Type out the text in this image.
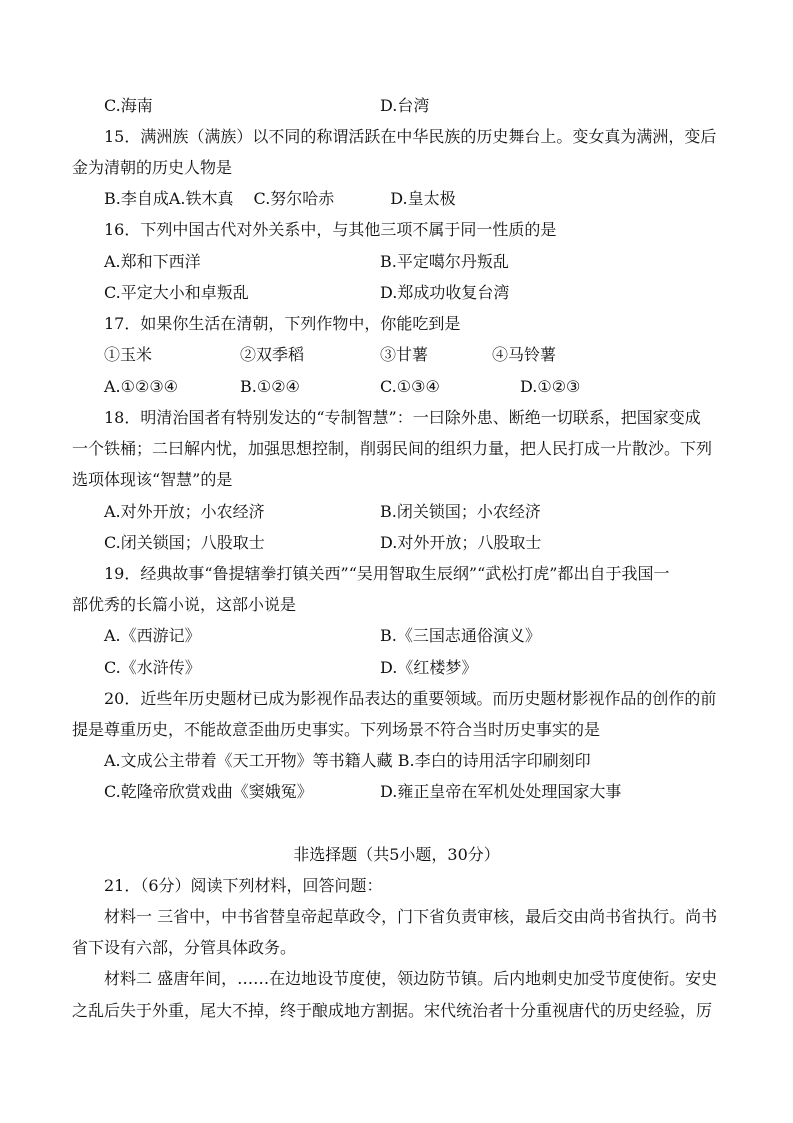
C.海南	D.台湾
15．满洲族（满族）以不同的称谓活跃在中华民族的历史舞台上。变女真为满洲，变后
金为清朝的历史人物是
B.李自成A.铁木真 C.努尔哈赤	D.皇太极
16．下列中国古代对外关系中，与其他三项不属于同一性质的是
A.郑和下西洋	B.平定噶尔丹叛乱
C.平定大小和卓叛乱	D.郑成功收复台湾
17．如果你生活在清朝，下列作物中，你能吃到是
①玉米	②双季稻	③甘薯	④马铃薯
A.①②③④	B.①②④	C.①③④	D.①②③
18．明清治国者有特别发达的“专制智慧”：一曰除外患、断绝一切联系，把国家变成
一个铁桶；二曰解内忧，加强思想控制，削弱民间的组织力量，把人民打成一片散沙。下列
选项体现该“智慧”的是
A.对外开放；小农经济	B.闭关锁国；小农经济
C.闭关锁国；八股取士	D.对外开放；八股取士
19．经典故事“鲁提辖拳打镇关西”“吴用智取生辰纲”“武松打虎”都出自于我国一
部优秀的长篇小说，这部小说是
A.《西游记》	B.《三国志通俗演义》
C.《水浒传》	D.《红楼梦》
20．近些年历史题材已成为影视作品表达的重要领域。而历史题材影视作品的创作的前
提是尊重历史，不能故意歪曲历史事实。下列场景不符合当时历史事实的是
A.文成公主带着《天工开物》等书籍人藏 B.李白的诗用活字印刷刻印
C.乾隆帝欣赏戏曲《窦娥冤》	D.雍正皇帝在军机处处理国家大事
非选择题（共5小题，30分）
21．（6分）阅读下列材料，回答问题：
材料一 三省中，中书省替皇帝起草政令，门下省负责审核，最后交由尚书省执行。尚书
省下设有六部，分管具体政务。
材料二 盛唐年间，……在边地设节度使，领边防节镇。后内地刺史加受节度使衔。安史
之乱后失于外重，尾大不掉，终于酿成地方割据。宋代统治者十分重视唐代的历史经验，厉
